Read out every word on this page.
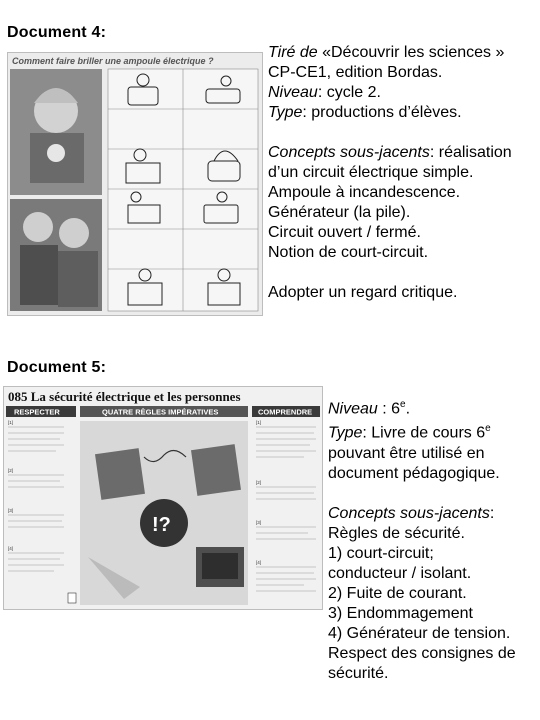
Document 4:
Comment faire briller une ampoule électrique ?	Tiré de «Découvrir les sciences »

CP-CE1, edition Bordas.

Niveau: cycle 2.

Type: productions d’élèves.

Concepts sous-jacents: réalisation

d’un circuit électrique simple.

Ampoule à incandescence.

Générateur (la pile).

Circuit ouvert / fermé.

Notion de court-circuit.

Adopter un regard critique.

Document 5:
085 La sécurité électrique et les personnes
RESPECTER	QUATRE RÈGLES IMPÉRATIVES	COMPRENDRE
[1]
[2]
[3]
[4]
!?
[1]
[2]
[3]
[4]

Niveau : 6e.

Type: Livre de cours 6e

pouvant être utilisé en

document pédagogique.

Concepts sous-jacents:

Règles de sécurité.

1) court-circuit;

conducteur / isolant.

2) Fuite de courant.

3) Endommagement

4) Générateur de tension.

Respect des consignes de

sécurité.
